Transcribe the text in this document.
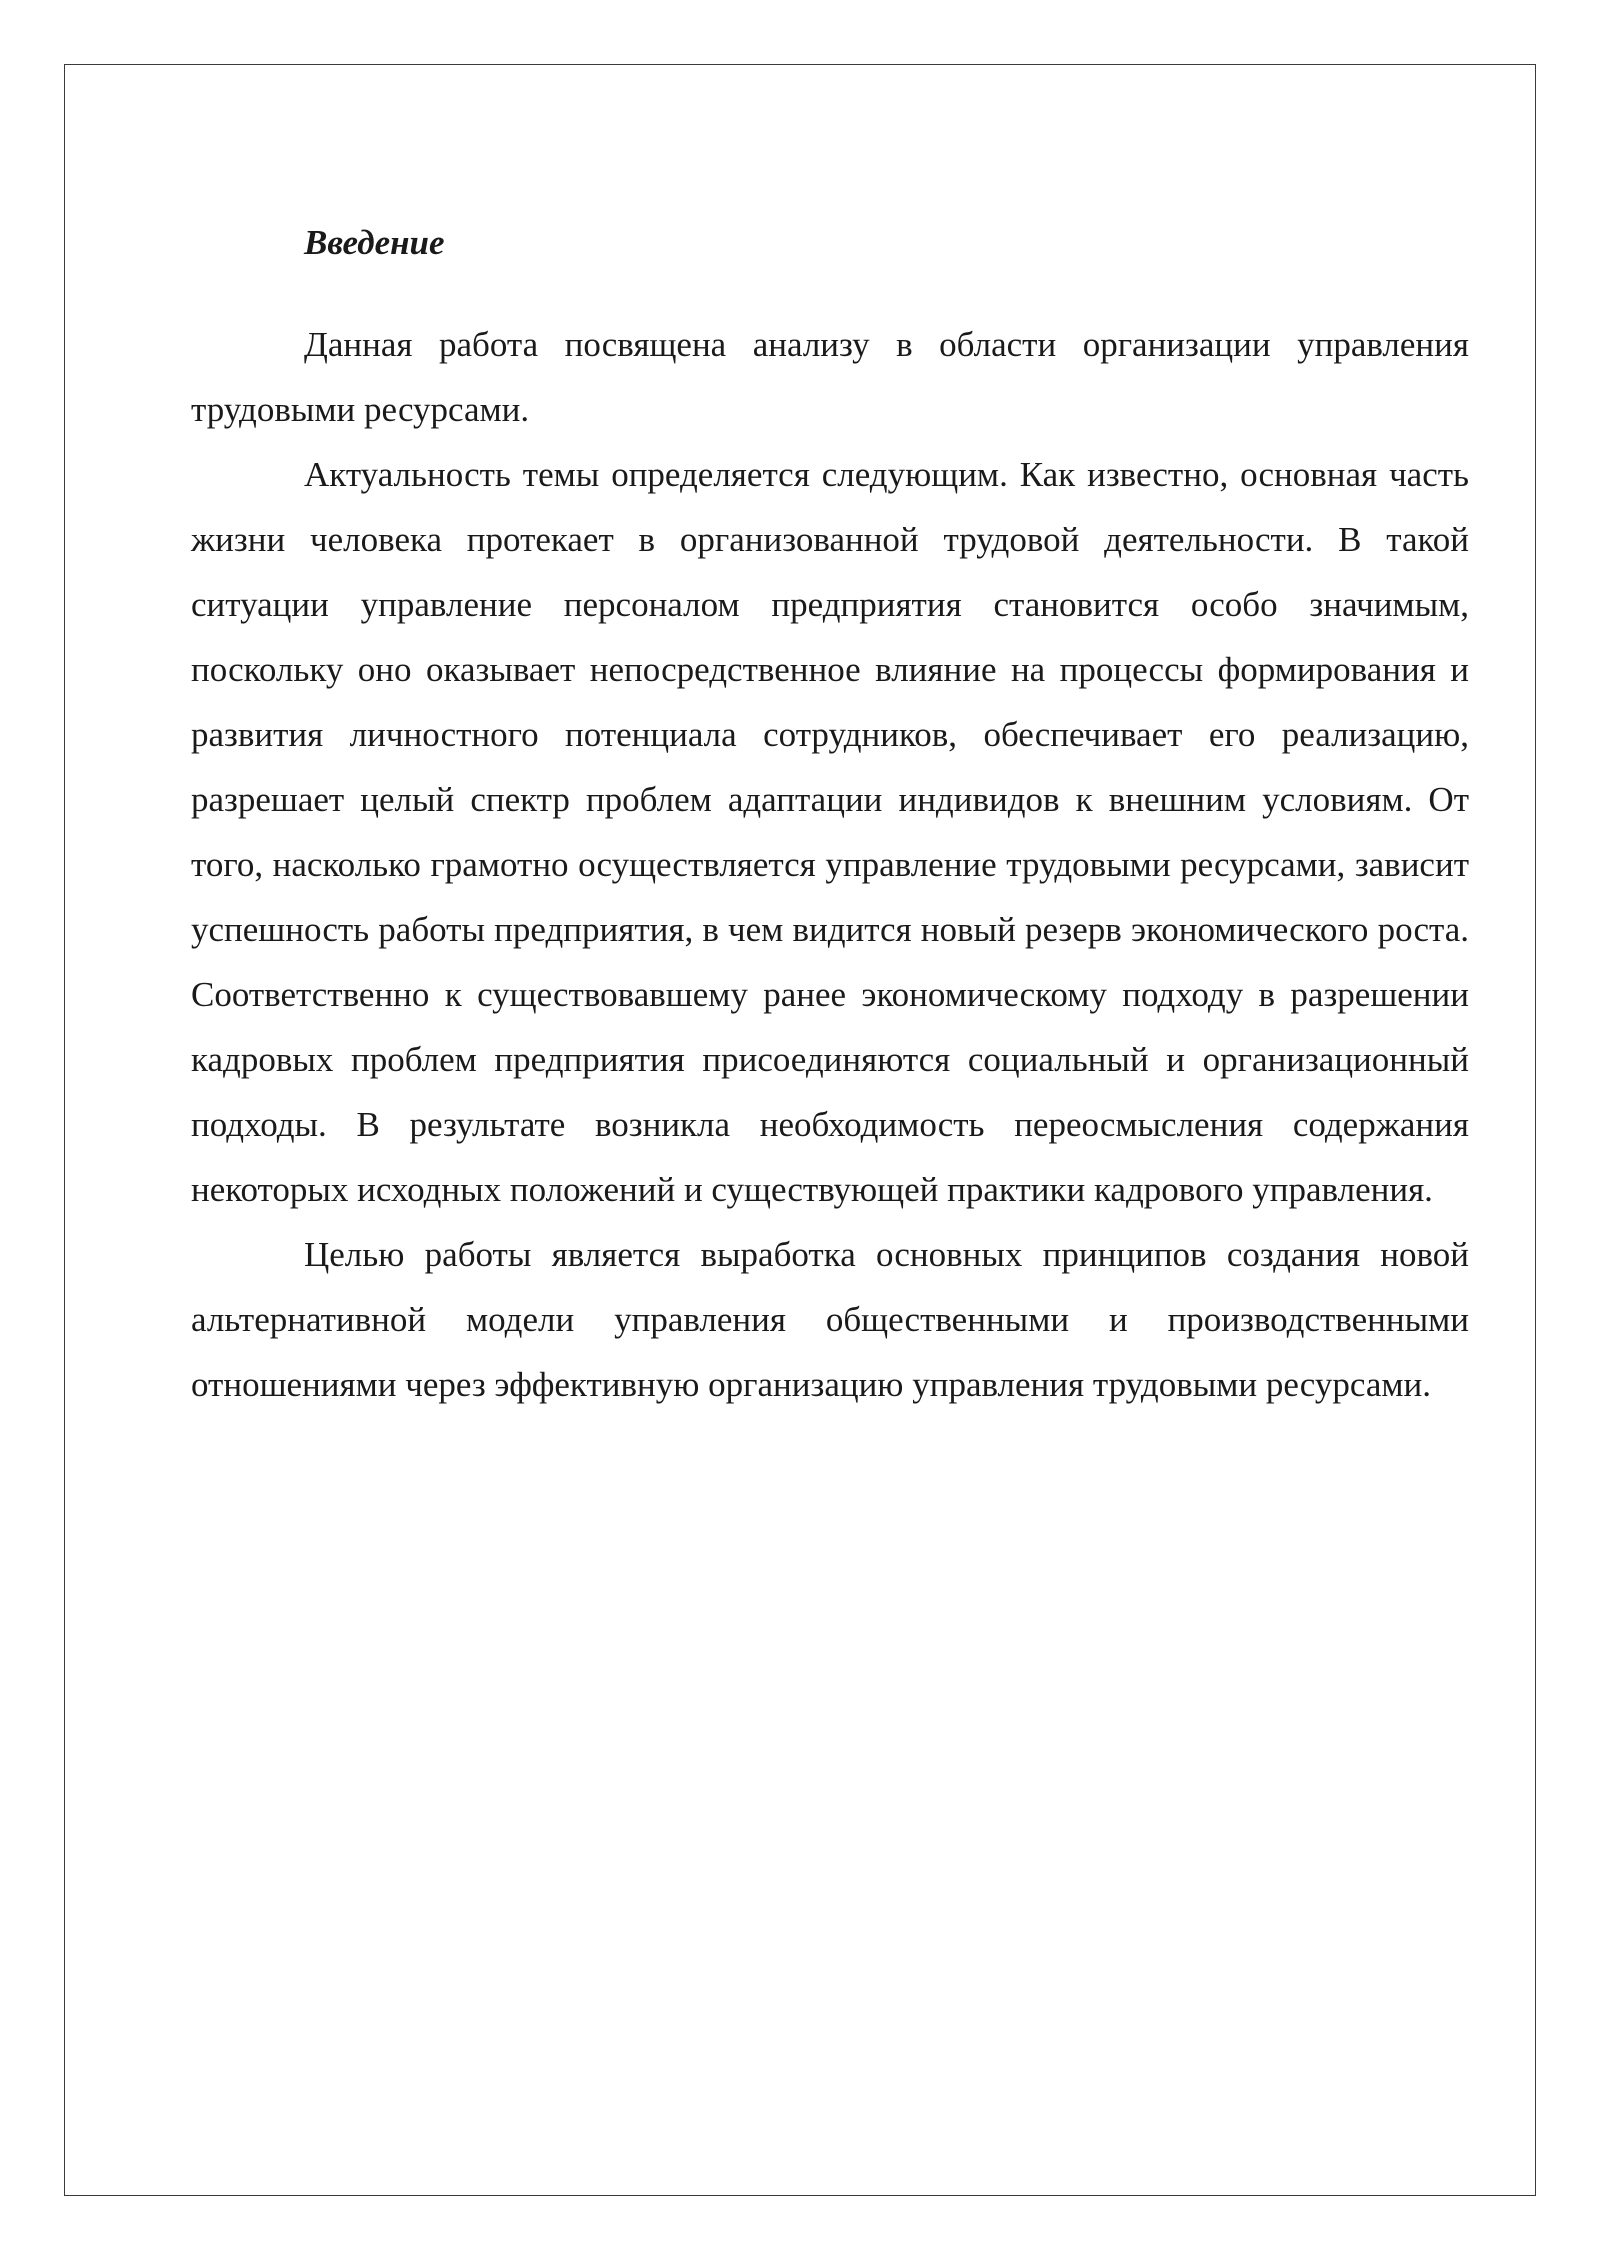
Введение

Данная работа посвящена анализу в области организации управления трудовыми ресурсами.

Актуальность темы определяется следующим. Как известно, основная часть жизни человека протекает в организованной трудовой деятельности. В такой ситуации управление персоналом предприятия становится особо значимым, поскольку оно оказывает непосредственное влияние на процессы формирования и развития личностного потенциала сотрудников, обеспечивает его реализацию, разрешает целый спектр проблем адаптации индивидов к внешним условиям. От того, насколько грамотно осуществляется управление трудовыми ресурсами, зависит успешность работы предприятия, в чем видится новый резерв экономического роста. Соответственно к существовавшему ранее экономическому подходу в разрешении кадровых проблем предприятия присоединяются социальный и организационный подходы. В результате возникла необходимость переосмысления содержания некоторых исходных положений и существующей практики кадрового управления.

Целью работы является выработка основных принципов создания новой альтернативной модели управления общественными и производственными отношениями через эффективную организацию управления трудовыми ресурсами.
